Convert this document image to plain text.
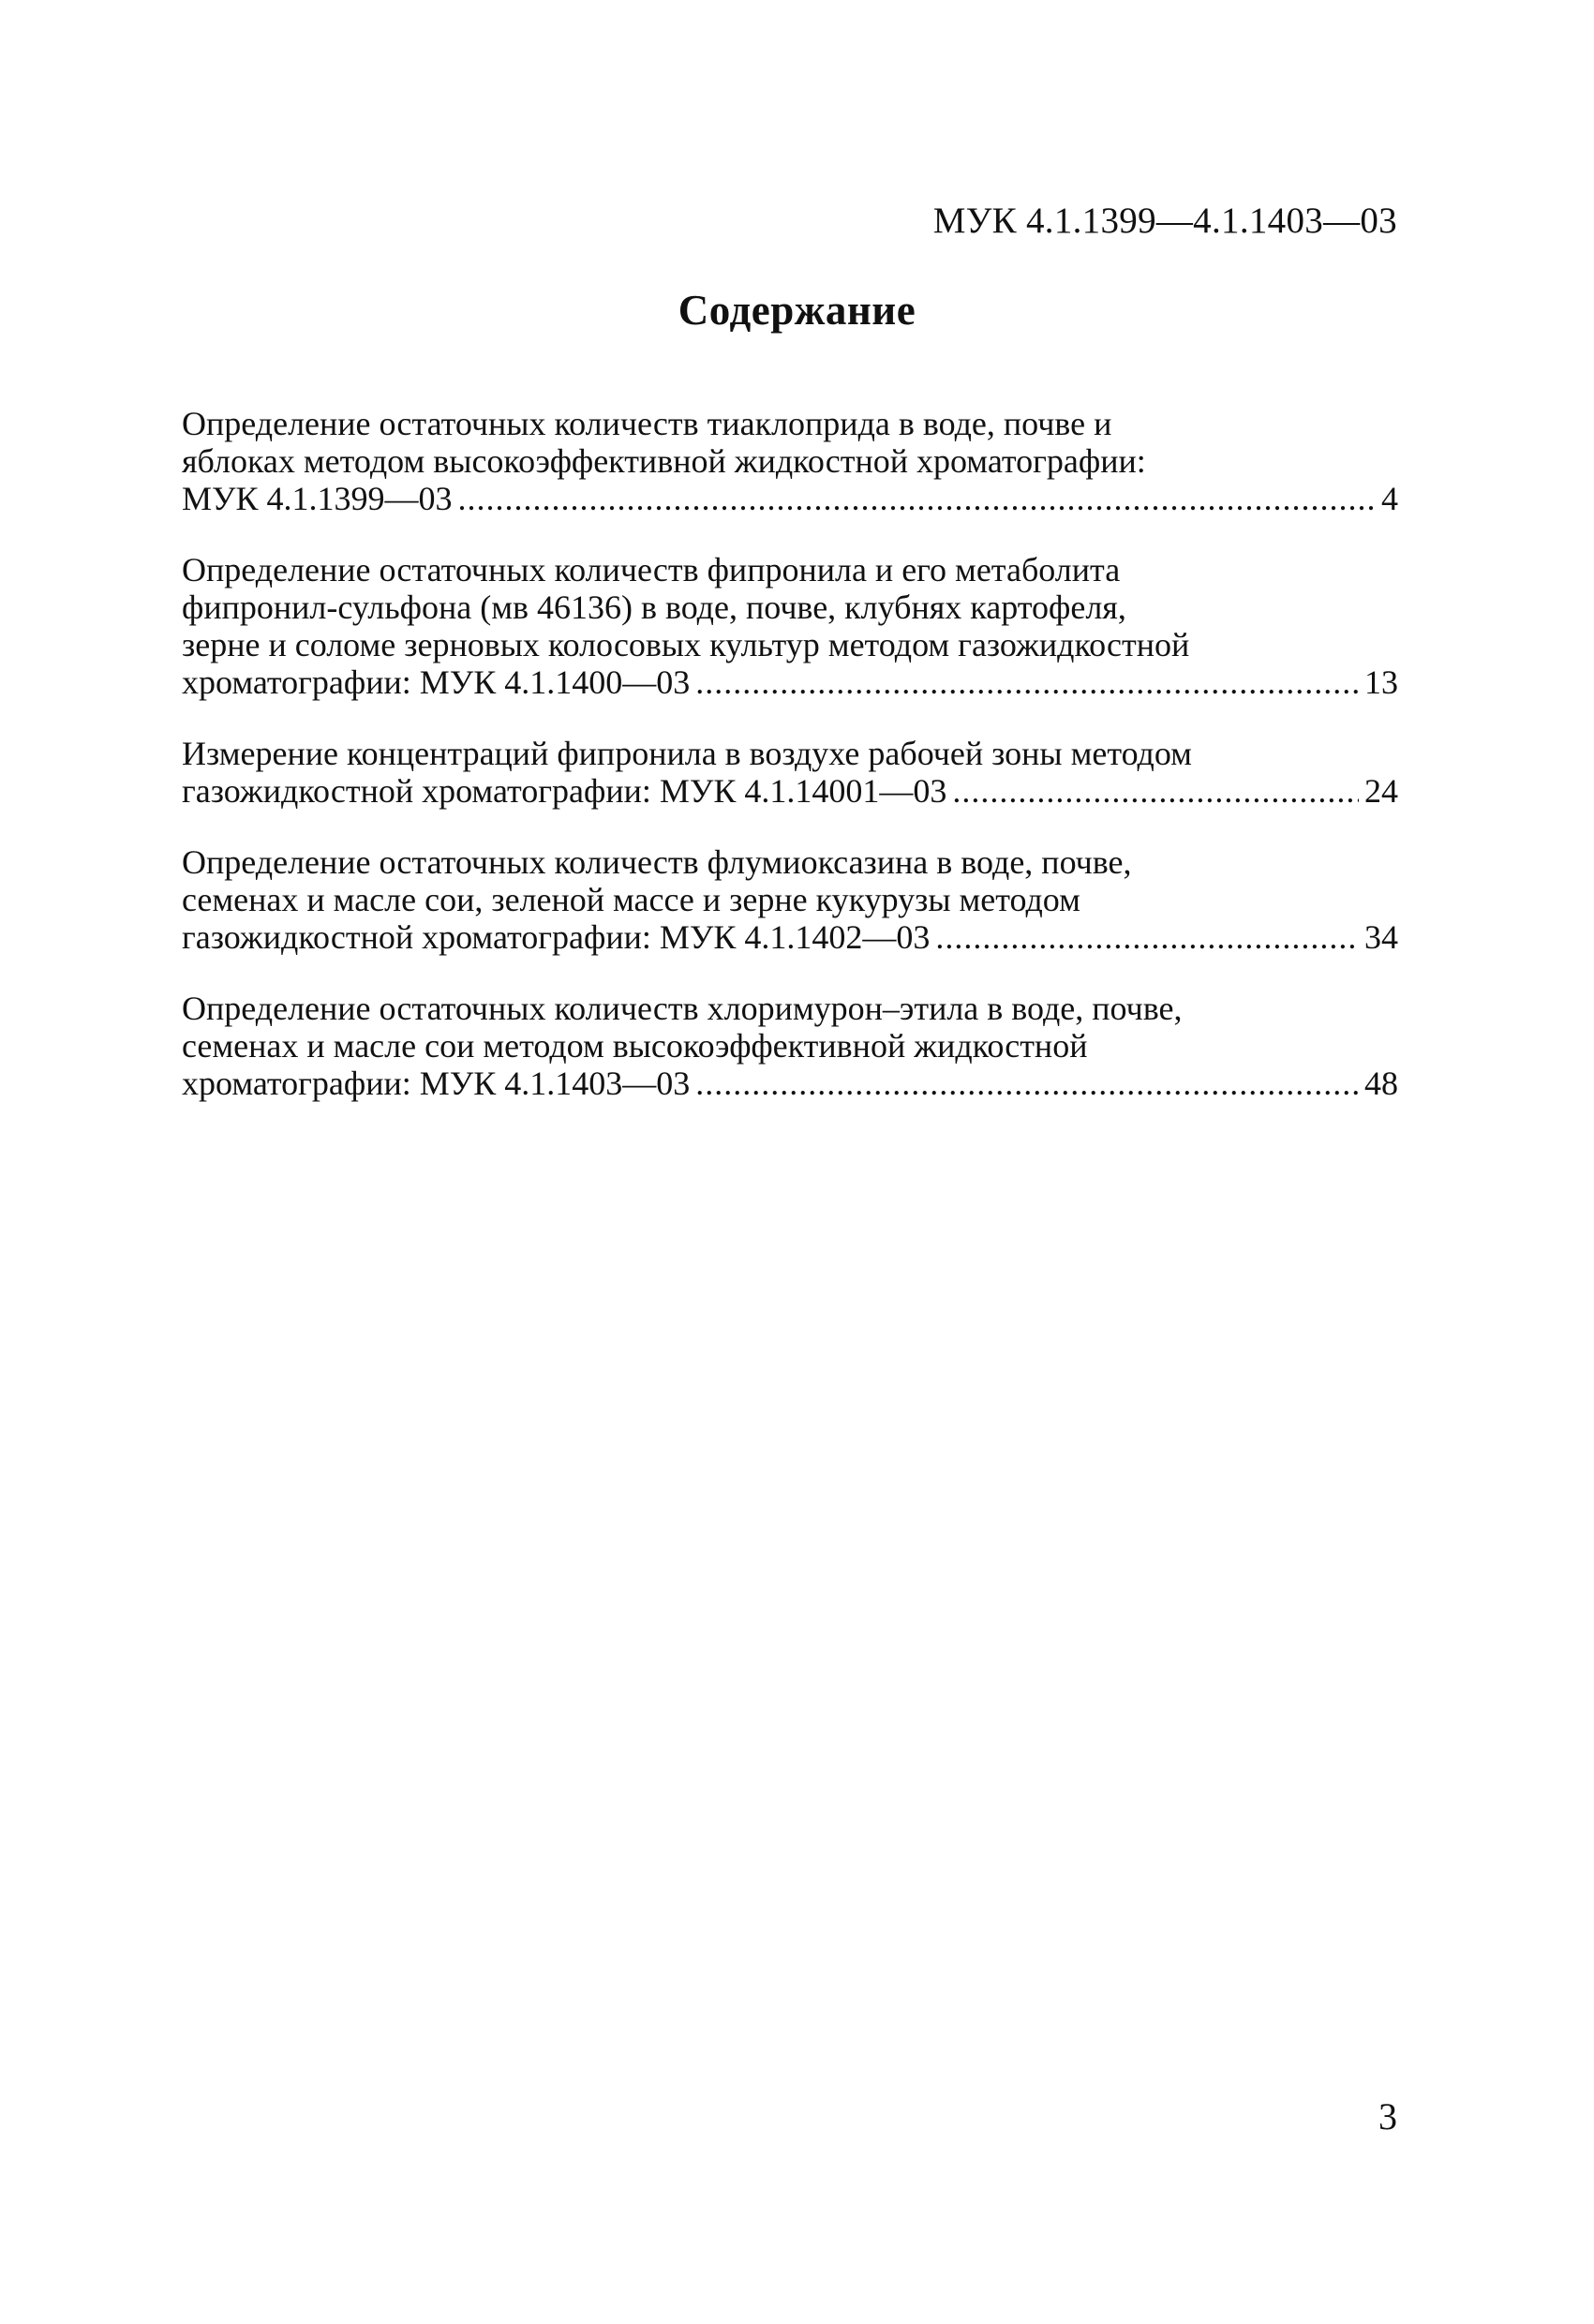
МУК 4.1.1399—4.1.1403—03
Содержание
Определение остаточных количеств тиаклоприда в воде, почве и
яблоках методом высокоэффективной жидкостной хроматографии:
МУК 4.1.1399—03 .....	4
Определение остаточных количеств фипронила и его метаболита
фипронил-сульфона (мв 46136) в воде, почве, клубнях картофеля,
зерне и соломе зерновых колосовых культур методом газожидкостной
хроматографии: МУК 4.1.1400—03 .....	13
Измерение концентраций фипронила в воздухе рабочей зоны методом
газожидкостной хроматографии: МУК 4.1.14001—03 .....	24
Определение остаточных количеств флумиоксазина в воде, почве,
семенах и масле сои, зеленой массе и зерне кукурузы методом
газожидкостной хроматографии: МУК 4.1.1402—03 .....	34
Определение остаточных количеств хлоримурон–этила в воде, почве,
семенах и масле сои методом высокоэффективной жидкостной
хроматографии: МУК 4.1.1403—03 .....	48
3
